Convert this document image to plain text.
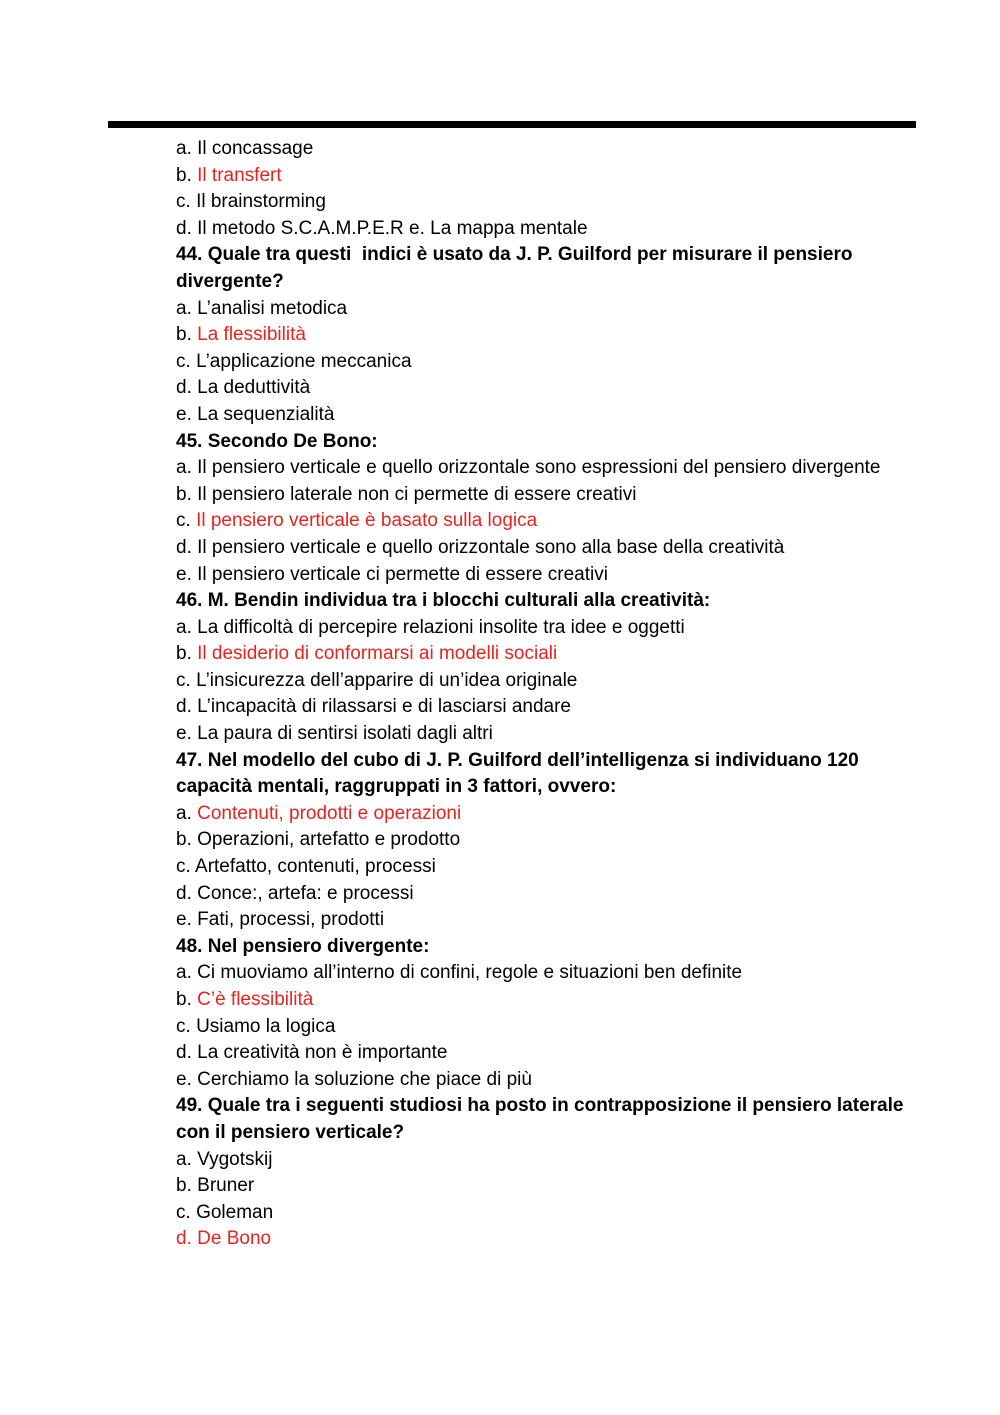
a. Il concassage
b. Il transfert
c. Il brainstorming
d. Il metodo S.C.A.M.P.E.R e. La mappa mentale
44. Quale tra questi  indici è usato da J. P. Guilford per misurare il pensiero divergente?
a. L’analisi metodica
b. La flessibilità
c. L’applicazione meccanica
d. La deduttività
e. La sequenzialità
45. Secondo De Bono:
a. Il pensiero verticale e quello orizzontale sono espressioni del pensiero divergente
b. Il pensiero laterale non ci permette di essere creativi
c. Il pensiero verticale è basato sulla logica
d. Il pensiero verticale e quello orizzontale sono alla base della creatività
e. Il pensiero verticale ci permette di essere creativi
46. M. Bendin individua tra i blocchi culturali alla creatività:
a. La difficoltà di percepire relazioni insolite tra idee e oggetti
b. Il desiderio di conformarsi ai modelli sociali
c. L’insicurezza dell’apparire di un’idea originale
d. L’incapacità di rilassarsi e di lasciarsi andare
e. La paura di sentirsi isolati dagli altri
47. Nel modello del cubo di J. P. Guilford dell’intelligenza si individuano 120 capacità mentali, raggruppati in 3 fattori, ovvero:
a. Contenuti, prodotti e operazioni
b. Operazioni, artefatto e prodotto
c. Artefatto, contenuti, processi
d. Conce:, artefa: e processi
e. Fati, processi, prodotti
48. Nel pensiero divergente:
a. Ci muoviamo all’interno di confini, regole e situazioni ben definite
b. C’è flessibilità
c. Usiamo la logica
d. La creatività non è importante
e. Cerchiamo la soluzione che piace di più
49. Quale tra i seguenti studiosi ha posto in contrapposizione il pensiero laterale con il pensiero verticale?
a. Vygotskij
b. Bruner
c. Goleman
d. De Bono
